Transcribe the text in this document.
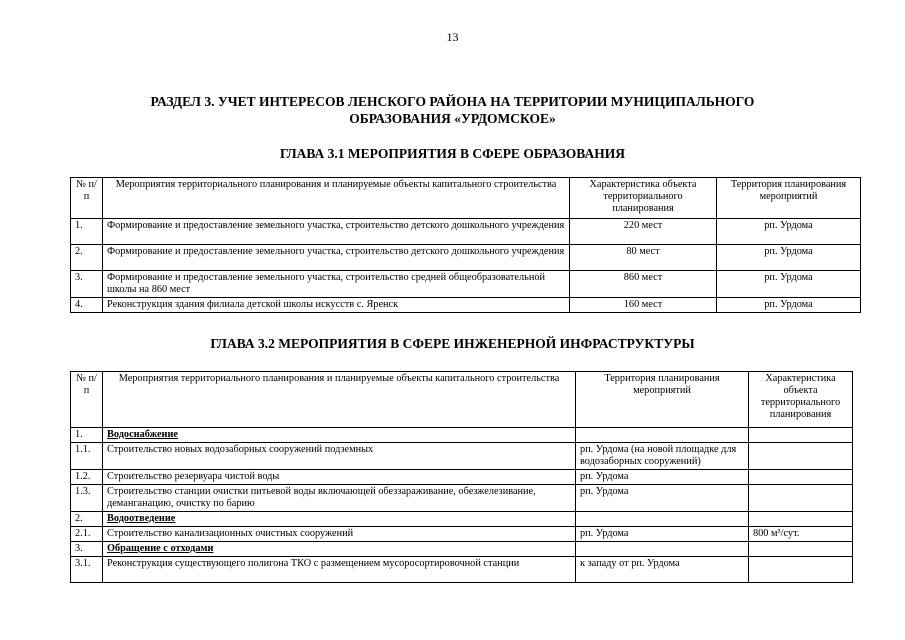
13
РАЗДЕЛ 3. УЧЕТ ИНТЕРЕСОВ ЛЕНСКОГО РАЙОНА НА ТЕРРИТОРИИ МУНИЦИПАЛЬНОГО
ОБРАЗОВАНИЯ «УРДОМСКОЕ»
ГЛАВА 3.1 МЕРОПРИЯТИЯ В СФЕРЕ ОБРАЗОВАНИЯ
№ п/п	Мероприятия территориального планирования и планируемые объекты капитального строительства	Характеристика объекта территориального планирования	Территория планирования мероприятий
1.	Формирование и предоставление земельного участка, строительство детского дошкольного учреждения	220 мест	рп. Урдома
2.	Формирование и предоставление земельного участка, строительство детского дошкольного учреждения	80 мест	рп. Урдома
3.	Формирование и предоставление земельного участка, строительство средней общеобразовательной школы на 860 мест	860 мест	рп. Урдома
4.	Реконструкция здания филиала детской школы искусств с. Яренск	160 мест	рп. Урдома
ГЛАВА 3.2 МЕРОПРИЯТИЯ В СФЕРЕ ИНЖЕНЕРНОЙ ИНФРАСТРУКТУРЫ
№ п/п	Мероприятия территориального планирования и планируемые объекты капитального строительства	Территория планирования мероприятий	Характеристика объекта территориального планирования
1.	Водоснабжение		
1.1.	Строительство новых водозаборных сооружений подземных	рп. Урдома (на новой площадке для водозаборных сооружений)	
1.2.	Строительство резервуара чистой воды	рп. Урдома	
1.3.	Строительство станции очистки питьевой воды включающей обеззараживание, обезжелезивание, деманганацию, очистку по барию	рп. Урдома	
2.	Водоотведение		
2.1.	Строительство канализационных очистных сооружений	рп. Урдома	800 м³/сут.
3.	Обращение с отходами		
3.1.	Реконструкция существующего полигона ТКО с размещением мусоросортировочной станции	к западу от рп. Урдома	
